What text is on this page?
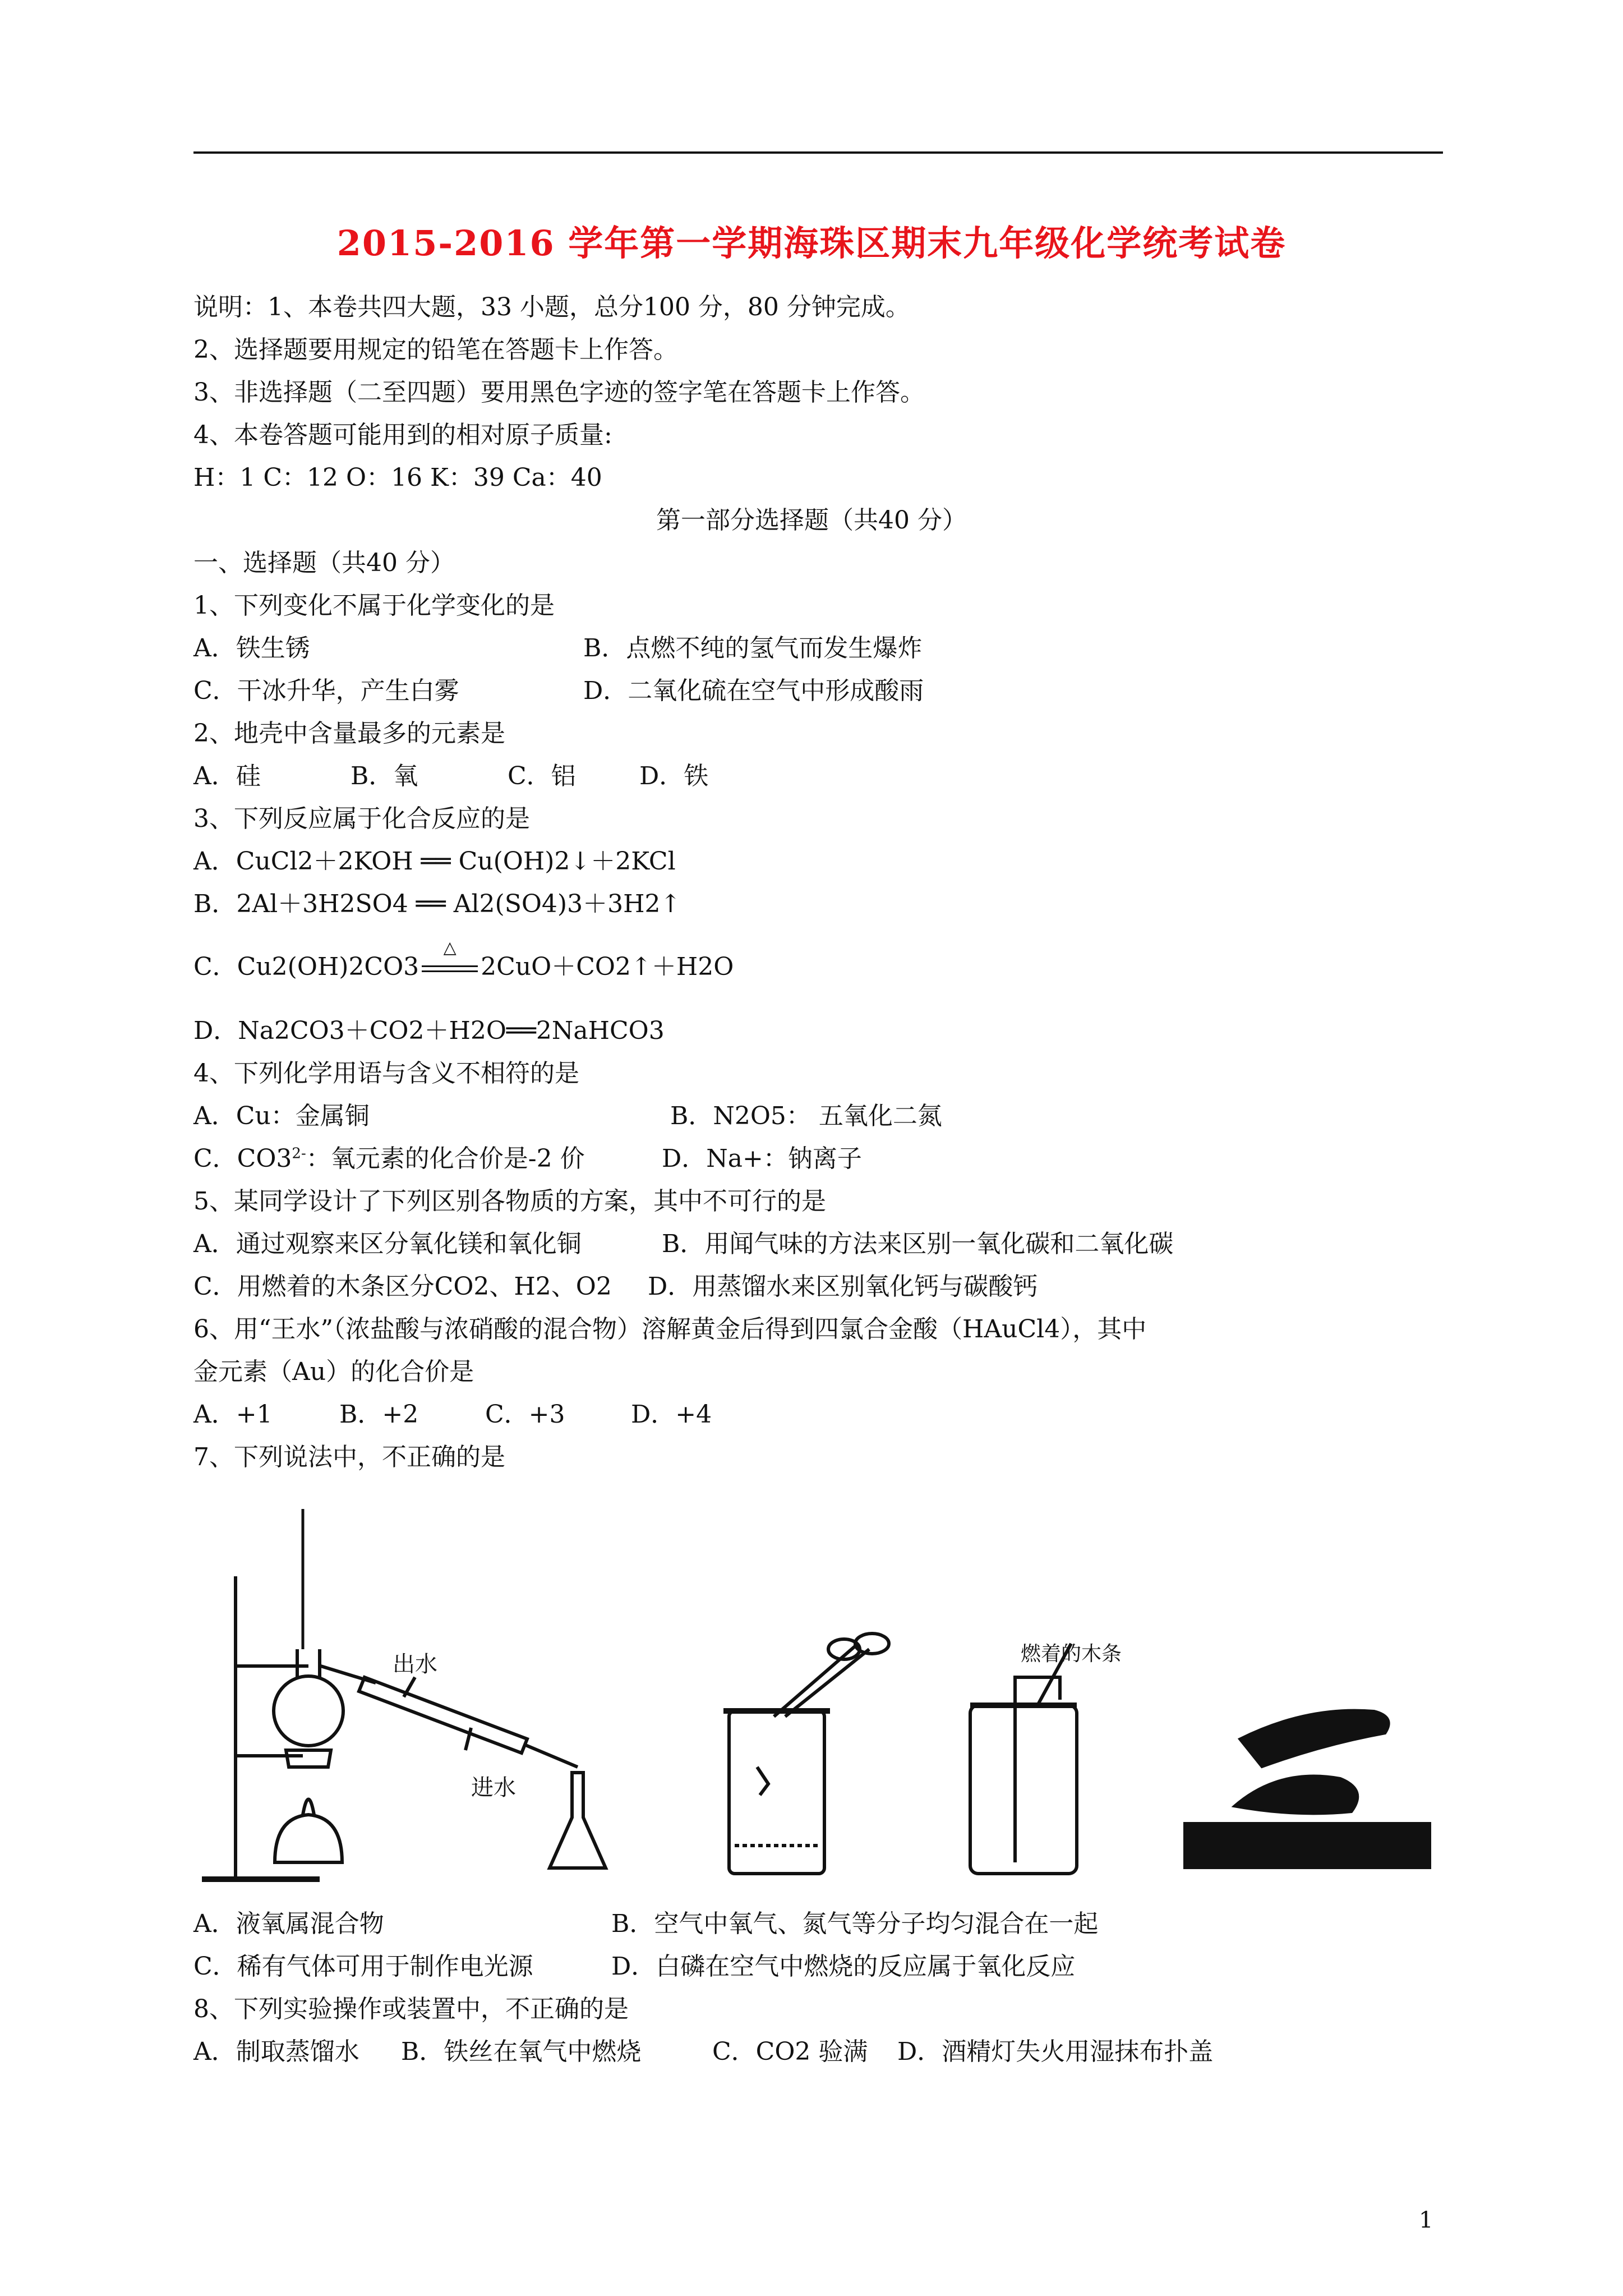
2015-2016 学年第一学期海珠区期末九年级化学统考试卷
说明：1、本卷共四大题，33 小题，总分100 分，80 分钟完成。
2、选择题要用规定的铅笔在答题卡上作答。
3、非选择题（二至四题）要用黑色字迹的签字笔在答题卡上作答。
4、本卷答题可能用到的相对原子质量:
H：1 C：12 O：16 K：39 Ca：40
第一部分选择题（共40 分）
一、选择题（共40 分）
1、下列变化不属于化学变化的是
A．铁生锈	B．点燃不纯的氢气而发生爆炸
C．干冰升华，产生白雾	D．二氧化硫在空气中形成酸雨
2、地壳中含量最多的元素是
A．硅	B．氧	C．铝	D．铁
3、下列反应属于化合反应的是
A．CuCl2＋2KOH ══ Cu(OH)2↓＋2KCl
B．2Al＋3H2SO4 ══ Al2(SO4)3＋3H2↑
C．Cu2(OH)2CO3
△
2CuO＋CO2↑＋H2O
D．Na2CO3＋CO2＋H2O══2NaHCO3
4、下列化学用语与含义不相符的是
A．Cu：金属铜	B．N2O5： 五氧化二氮
C．$CO3^{2-}$：氧元素的化合价是-2 价	D．Na+：钠离子
5、某同学设计了下列区别各物质的方案，其中不可行的是
A．通过观察来区分氧化镁和氧化铜	B．用闻气味的方法来区别一氧化碳和二氧化碳
C．用燃着的木条区分CO2、H2、O2 D．用蒸馏水来区别氧化钙与碳酸钙
6、用“王水”（浓盐酸与浓硝酸的混合物）溶解黄金后得到四氯合金酸（HAuCl4），其中
金元素（Au）的化合价是
A．+1	B．+2	C．+3	D．+4
7、下列说法中，不正确的是
出水
进水
燃着的木条
A．液氧属混合物	B．空气中氧气、氮气等分子均匀混合在一起
C．稀有气体可用于制作电光源	D．白磷在空气中燃烧的反应属于氧化反应
8、下列实验操作或装置中，不正确的是
A．制取蒸馏水 B．铁丝在氧气中燃烧	C．CO2 验满 D．酒精灯失火用湿抹布扑盖
1
